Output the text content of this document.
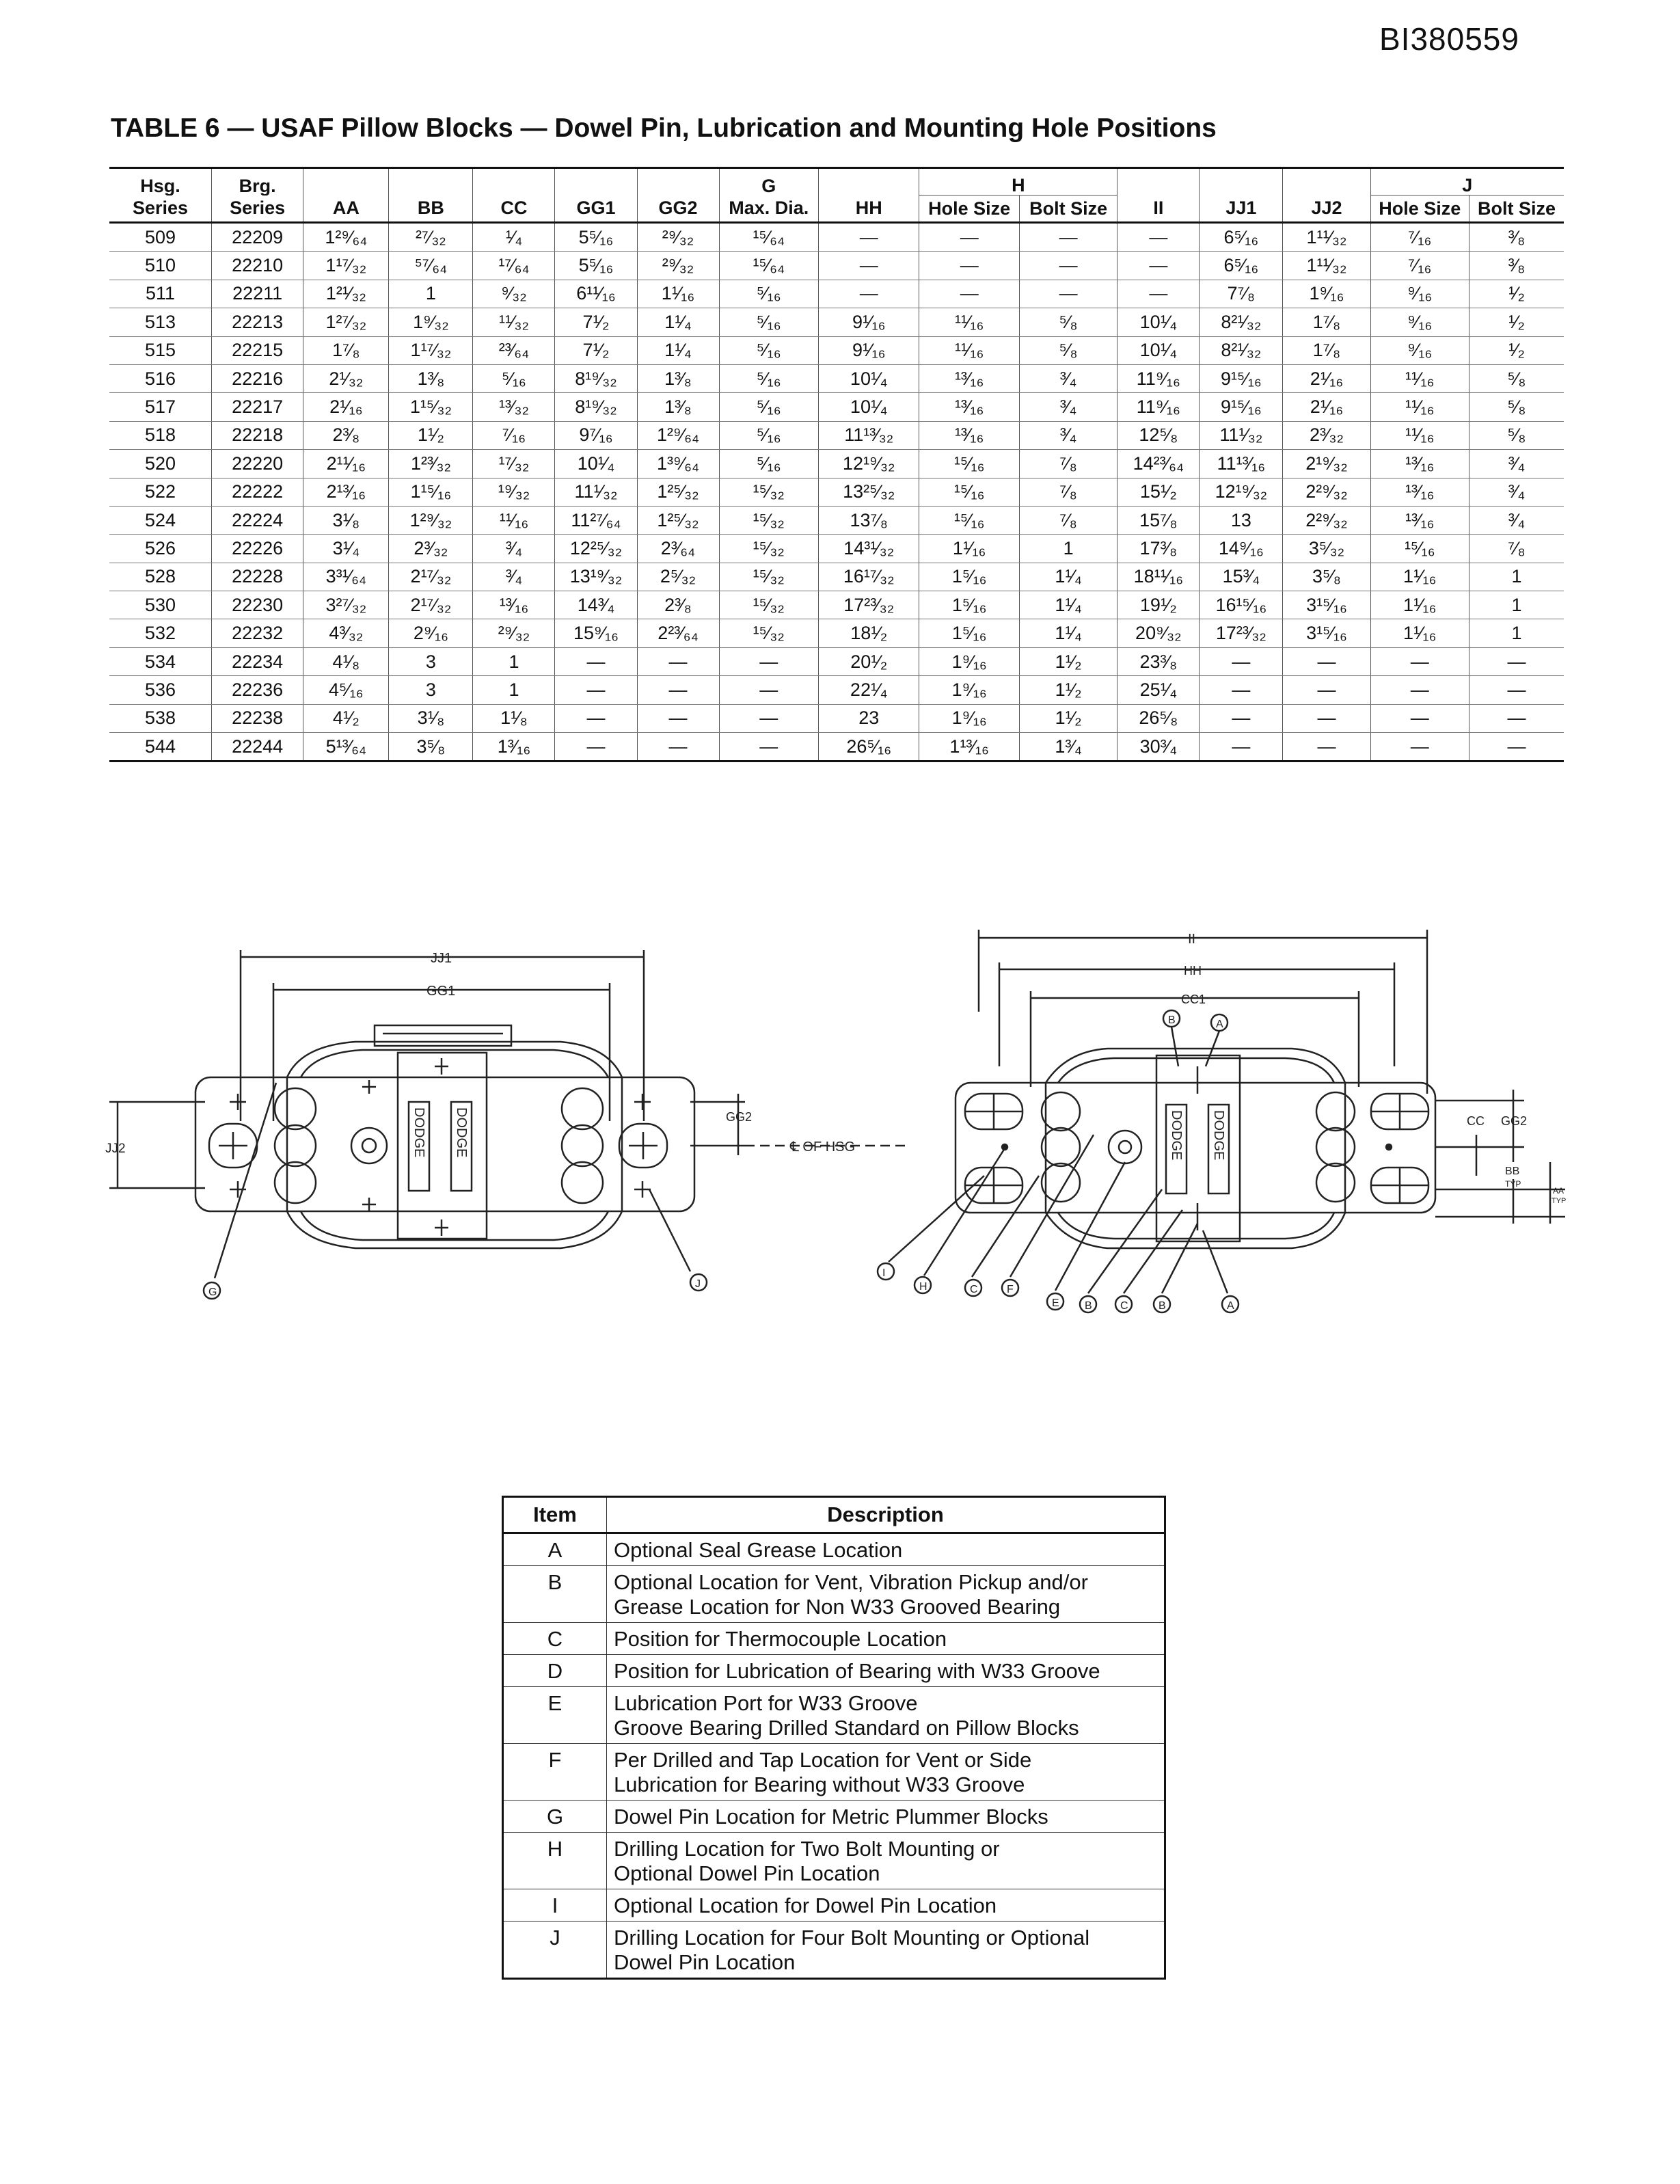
BI380559
TABLE 6 — USAF Pillow Blocks — Dowel Pin, Lubrication and Mounting Hole Positions
Hsg.	Brg.						G		H					J	
Series	Series	AA	BB	CC	GG1	GG2	Max. Dia.	HH	Hole Size	Bolt Size	II	JJ1	JJ2	Hole Size	Bolt Size
509	22209	1²⁹⁄₆₄	²⁷⁄₃₂	¹⁄₄	5⁵⁄₁₆	²⁹⁄₃₂	¹⁵⁄₆₄	—	—	—	—	6⁵⁄₁₆	1¹¹⁄₃₂	⁷⁄₁₆	³⁄₈
510	22210	1¹⁷⁄₃₂	⁵⁷⁄₆₄	¹⁷⁄₆₄	5⁵⁄₁₆	²⁹⁄₃₂	¹⁵⁄₆₄	—	—	—	—	6⁵⁄₁₆	1¹¹⁄₃₂	⁷⁄₁₆	³⁄₈
511	22211	1²¹⁄₃₂	1	⁹⁄₃₂	6¹¹⁄₁₆	1¹⁄₁₆	⁵⁄₁₆	—	—	—	—	7⁷⁄₈	1⁹⁄₁₆	⁹⁄₁₆	¹⁄₂
513	22213	1²⁷⁄₃₂	1⁹⁄₃₂	¹¹⁄₃₂	7¹⁄₂	1¹⁄₄	⁵⁄₁₆	9¹⁄₁₆	¹¹⁄₁₆	⁵⁄₈	10¹⁄₄	8²¹⁄₃₂	1⁷⁄₈	⁹⁄₁₆	¹⁄₂
515	22215	1⁷⁄₈	1¹⁷⁄₃₂	²³⁄₆₄	7¹⁄₂	1¹⁄₄	⁵⁄₁₆	9¹⁄₁₆	¹¹⁄₁₆	⁵⁄₈	10¹⁄₄	8²¹⁄₃₂	1⁷⁄₈	⁹⁄₁₆	¹⁄₂
516	22216	2¹⁄₃₂	1³⁄₈	⁵⁄₁₆	8¹⁹⁄₃₂	1³⁄₈	⁵⁄₁₆	10¹⁄₄	¹³⁄₁₆	³⁄₄	11⁹⁄₁₆	9¹⁵⁄₁₆	2¹⁄₁₆	¹¹⁄₁₆	⁵⁄₈
517	22217	2¹⁄₁₆	1¹⁵⁄₃₂	¹³⁄₃₂	8¹⁹⁄₃₂	1³⁄₈	⁵⁄₁₆	10¹⁄₄	¹³⁄₁₆	³⁄₄	11⁹⁄₁₆	9¹⁵⁄₁₆	2¹⁄₁₆	¹¹⁄₁₆	⁵⁄₈
518	22218	2³⁄₈	1¹⁄₂	⁷⁄₁₆	9⁷⁄₁₆	1²⁹⁄₆₄	⁵⁄₁₆	11¹³⁄₃₂	¹³⁄₁₆	³⁄₄	12⁵⁄₈	11¹⁄₃₂	2³⁄₃₂	¹¹⁄₁₆	⁵⁄₈
520	22220	2¹¹⁄₁₆	1²³⁄₃₂	¹⁷⁄₃₂	10¹⁄₄	1³⁹⁄₆₄	⁵⁄₁₆	12¹⁹⁄₃₂	¹⁵⁄₁₆	⁷⁄₈	14²³⁄₆₄	11¹³⁄₁₆	2¹⁹⁄₃₂	¹³⁄₁₆	³⁄₄
522	22222	2¹³⁄₁₆	1¹⁵⁄₁₆	¹⁹⁄₃₂	11¹⁄₃₂	1²⁵⁄₃₂	¹⁵⁄₃₂	13²⁵⁄₃₂	¹⁵⁄₁₆	⁷⁄₈	15¹⁄₂	12¹⁹⁄₃₂	2²⁹⁄₃₂	¹³⁄₁₆	³⁄₄
524	22224	3¹⁄₈	1²⁹⁄₃₂	¹¹⁄₁₆	11²⁷⁄₆₄	1²⁵⁄₃₂	¹⁵⁄₃₂	13⁷⁄₈	¹⁵⁄₁₆	⁷⁄₈	15⁷⁄₈	13	2²⁹⁄₃₂	¹³⁄₁₆	³⁄₄
526	22226	3¹⁄₄	2³⁄₃₂	³⁄₄	12²⁵⁄₃₂	2³⁄₆₄	¹⁵⁄₃₂	14³¹⁄₃₂	1¹⁄₁₆	1	17³⁄₈	14⁹⁄₁₆	3⁵⁄₃₂	¹⁵⁄₁₆	⁷⁄₈
528	22228	3³¹⁄₆₄	2¹⁷⁄₃₂	³⁄₄	13¹⁹⁄₃₂	2⁵⁄₃₂	¹⁵⁄₃₂	16¹⁷⁄₃₂	1⁵⁄₁₆	1¹⁄₄	18¹¹⁄₁₆	15³⁄₄	3⁵⁄₈	1¹⁄₁₆	1
530	22230	3²⁷⁄₃₂	2¹⁷⁄₃₂	¹³⁄₁₆	14³⁄₄	2³⁄₈	¹⁵⁄₃₂	17²³⁄₃₂	1⁵⁄₁₆	1¹⁄₄	19¹⁄₂	16¹⁵⁄₁₆	3¹⁵⁄₁₆	1¹⁄₁₆	1
532	22232	4³⁄₃₂	2⁹⁄₁₆	²⁹⁄₃₂	15⁹⁄₁₆	2²³⁄₆₄	¹⁵⁄₃₂	18¹⁄₂	1⁵⁄₁₆	1¹⁄₄	20⁹⁄₃₂	17²³⁄₃₂	3¹⁵⁄₁₆	1¹⁄₁₆	1
534	22234	4¹⁄₈	3	1	—	—	—	20¹⁄₂	1⁹⁄₁₆	1¹⁄₂	23³⁄₈	—	—	—	—
536	22236	4⁵⁄₁₆	3	1	—	—	—	22¹⁄₄	1⁹⁄₁₆	1¹⁄₂	25¹⁄₄	—	—	—	—
538	22238	4¹⁄₂	3¹⁄₈	1¹⁄₈	—	—	—	23	1⁹⁄₁₆	1¹⁄₂	26⁵⁄₈	—	—	—	—
544	22244	5¹³⁄₆₄	3⁵⁄₈	1³⁄₁₆	—	—	—	26⁵⁄₁₆	1¹³⁄₁₆	1³⁄₄	30³⁄₄	—	—	—	—
JJ1
GG1
JJ2
GG2
℄ OF HSG
DODGE DODGE
G
J
II
HH
CC1
B	A
DODGE DODGE	CC GG2
BB
TYP
AA
TYP
I
H	C	F
E B	C	B	A
Item	Description
A	Optional Seal Grease Location

B	Optional Location for Vent, Vibration Pickup and/or
Grease Location for Non W33 Grooved Bearing

C	Position for Thermocouple Location

D	Position for Lubrication of Bearing with W33 Groove

E	Lubrication Port for W33 Groove
Groove Bearing Drilled Standard on Pillow Blocks

F	Per Drilled and Tap Location for Vent or Side
Lubrication for Bearing without W33 Groove

G	Dowel Pin Location for Metric Plummer Blocks

H	Drilling Location for Two Bolt Mounting or
Optional Dowel Pin Location

I	Optional Location for Dowel Pin Location

J	Drilling Location for Four Bolt Mounting or Optional
Dowel Pin Location
